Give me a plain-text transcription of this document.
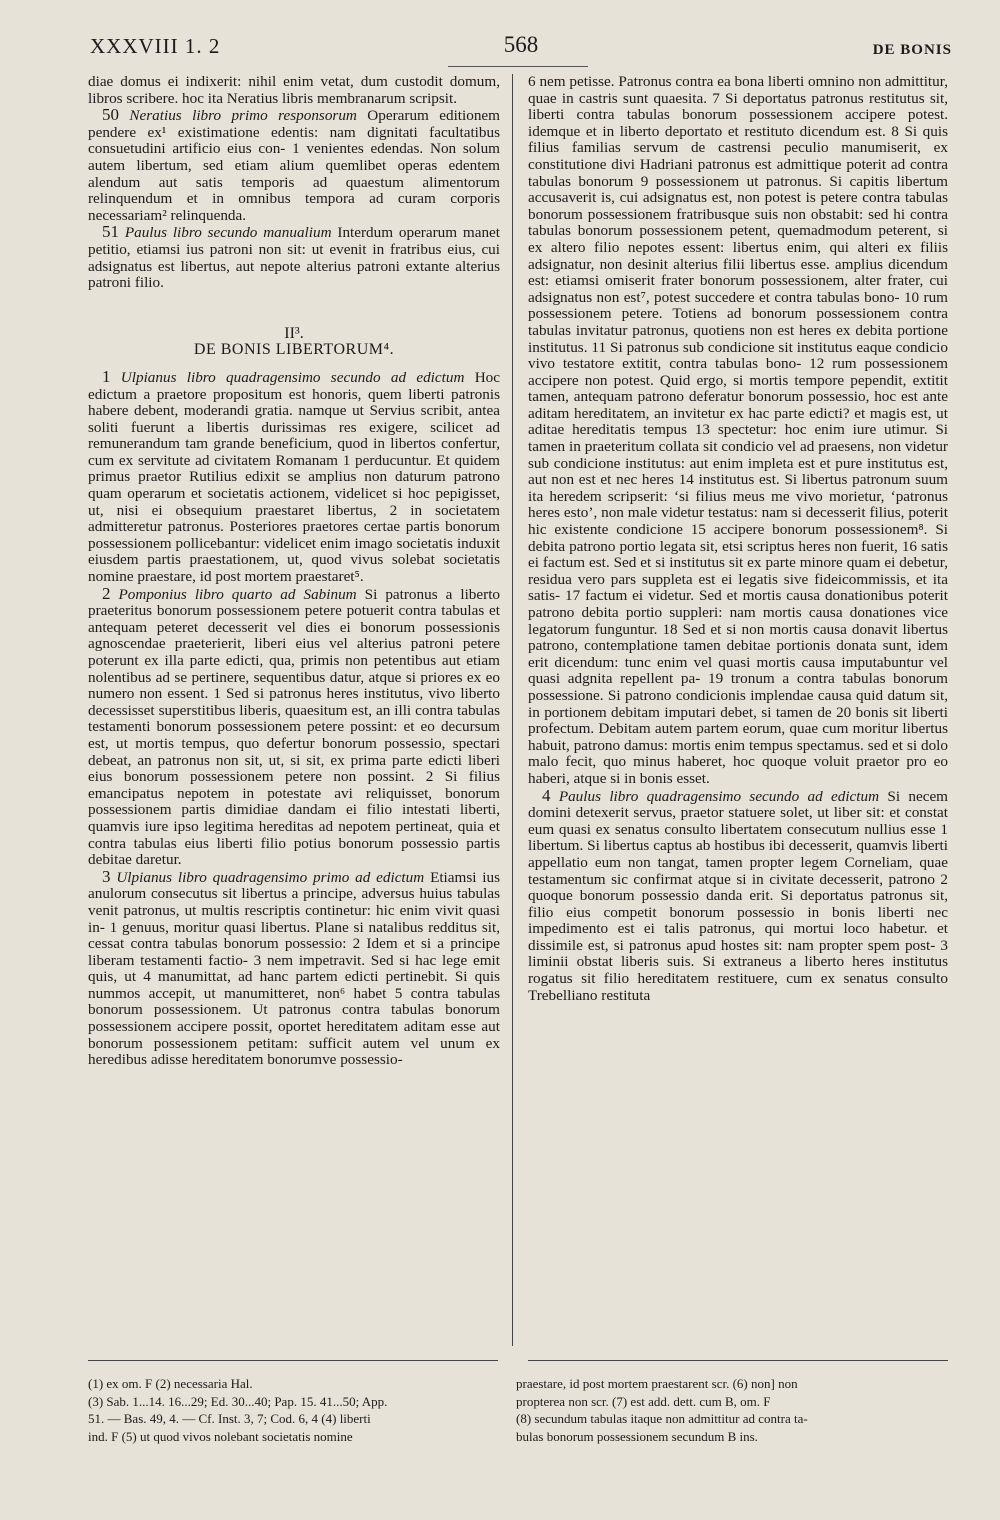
XXXVIII 1. 2	568	DE BONIS

diae domus ei indixerit: nihil enim vetat, dum custodit domum, libros scribere. hoc ita Neratius libris membranarum scripsit.

50 Neratius libro primo responsorum Operarum editionem pendere ex¹ existimatione edentis: nam dignitati facultatibus consuetudini artificio eius con- 1 venientes edendas. Non solum autem libertum, sed etiam alium quemlibet operas edentem alendum aut satis temporis ad quaestum alimentorum relinquendum et in omnibus tempora ad curam corporis necessariam² relinquenda.

51 Paulus libro secundo manualium Interdum operarum manet petitio, etiamsi ius patroni non sit: ut evenit in fratribus eius, cui adsignatus est libertus, aut nepote alterius patroni extante alterius patroni filio.

II³.
DE BONIS LIBERTORUM⁴.

1 Ulpianus libro quadragensimo secundo ad edictum Hoc edictum a praetore propositum est honoris, quem liberti patronis habere debent, moderandi gratia. namque ut Servius scribit, antea soliti fuerunt a libertis durissimas res exigere, scilicet ad remunerandum tam grande beneficium, quod in libertos confertur, cum ex servitute ad civitatem Romanam 1 perducuntur. Et quidem primus praetor Rutilius edixit se amplius non daturum patrono quam operarum et societatis actionem, videlicet si hoc pepigisset, ut, nisi ei obsequium praestaret libertus, 2 in societatem admitteretur patronus. Posteriores praetores certae partis bonorum possessionem pollicebantur: videlicet enim imago societatis induxit eiusdem partis praestationem, ut, quod vivus solebat societatis nomine praestare, id post mortem praestaret⁵.

2 Pomponius libro quarto ad Sabinum Si patronus a liberto praeteritus bonorum possessionem petere potuerit contra tabulas et antequam peteret decesserit vel dies ei bonorum possessionis agnoscendae praeterierit, liberi eius vel alterius patroni petere poterunt ex illa parte edicti, qua, primis non petentibus aut etiam nolentibus ad se pertinere, sequentibus datur, atque si priores ex eo numero non essent. 1 Sed si patronus heres institutus, vivo liberto decessisset superstitibus liberis, quaesitum est, an illi contra tabulas testamenti bonorum possessionem petere possint: et eo decursum est, ut mortis tempus, quo defertur bonorum possessio, spectari debeat, an patronus non sit, ut, si sit, ex prima parte edicti liberi eius bonorum possessionem petere non possint. 2 Si filius emancipatus nepotem in potestate avi reliquisset, bonorum possessionem partis dimidiae dandam ei filio intestati liberti, quamvis iure ipso legitima hereditas ad nepotem pertineat, quia et contra tabulas eius liberti filio potius bonorum possessio partis debitae daretur.

3 Ulpianus libro quadragensimo primo ad edictum Etiamsi ius anulorum consecutus sit libertus a principe, adversus huius tabulas venit patronus, ut multis rescriptis continetur: hic enim vivit quasi in- 1 genuus, moritur quasi libertus. Plane si natalibus redditus sit, cessat contra tabulas bonorum possessio: 2 Idem et si a principe liberam testamenti factio- 3 nem impetravit. Sed si hac lege emit quis, ut 4 manumittat, ad hanc partem edicti pertinebit. Si quis nummos accepit, ut manumitteret, non⁶ habet 5 contra tabulas bonorum possessionem. Ut patronus contra tabulas bonorum possessionem accipere possit, oportet hereditatem aditam esse aut bonorum possessionem petitam: sufficit autem vel unum ex heredibus adisse hereditatem bonorumve possessio-

6 nem petisse. Patronus contra ea bona liberti omnino non admittitur, quae in castris sunt quaesita. 7 Si deportatus patronus restitutus sit, liberti contra tabulas bonorum possessionem accipere potest. idemque et in liberto deportato et restituto dicendum est. 8 Si quis filius familias servum de castrensi peculio manumiserit, ex constitutione divi Hadriani patronus est admittique poterit ad contra tabulas bonorum 9 possessionem ut patronus. Si capitis libertum accusaverit is, cui adsignatus est, non potest is petere contra tabulas bonorum possessionem fratribusque suis non obstabit: sed hi contra tabulas bonorum possessionem petent, quemadmodum peterent, si ex altero filio nepotes essent: libertus enim, qui alteri ex filiis adsignatur, non desinit alterius filii libertus esse. amplius dicendum est: etiamsi omiserit frater bonorum possessionem, alter frater, cui adsignatus non est⁷, potest succedere et contra tabulas bono- 10 rum possessionem petere. Totiens ad bonorum possessionem contra tabulas invitatur patronus, quotiens non est heres ex debita portione institutus. 11 Si patronus sub condicione sit institutus eaque condicio vivo testatore extitit, contra tabulas bono- 12 rum possessionem accipere non potest. Quid ergo, si mortis tempore pependit, extitit tamen, antequam patrono deferatur bonorum possessio, hoc est ante aditam hereditatem, an invitetur ex hac parte edicti? et magis est, ut aditae hereditatis tempus 13 spectetur: hoc enim iure utimur. Si tamen in praeteritum collata sit condicio vel ad praesens, non videtur sub condicione institutus: aut enim impleta est et pure institutus est, aut non est et nec heres 14 institutus est. Si libertus patronum suum ita heredem scripserit: ‘si filius meus me vivo morietur, ‘patronus heres esto’, non male videtur testatus: nam si decesserit filius, poterit hic existente condicione 15 accipere bonorum possessionem⁸. Si debita patrono portio legata sit, etsi scriptus heres non fuerit, 16 satis ei factum est. Sed et si institutus sit ex parte minore quam ei debetur, residua vero pars suppleta est ei legatis sive fideicommissis, et ita satis- 17 factum ei videtur. Sed et mortis causa donationibus poterit patrono debita portio suppleri: nam mortis causa donationes vice legatorum funguntur. 18 Sed et si non mortis causa donavit libertus patrono, contemplatione tamen debitae portionis donata sunt, idem erit dicendum: tunc enim vel quasi mortis causa imputabuntur vel quasi adgnita repellent pa- 19 tronum a contra tabulas bonorum possessione. Si patrono condicionis implendae causa quid datum sit, in portionem debitam imputari debet, si tamen de 20 bonis sit liberti profectum. Debitam autem partem eorum, quae cum moritur libertus habuit, patrono damus: mortis enim tempus spectamus. sed et si dolo malo fecit, quo minus haberet, hoc quoque voluit praetor pro eo haberi, atque si in bonis esset.

4 Paulus libro quadragensimo secundo ad edictum Si necem domini detexerit servus, praetor statuere solet, ut liber sit: et constat eum quasi ex senatus consulto libertatem consecutum nullius esse 1 libertum. Si libertus captus ab hostibus ibi decesserit, quamvis liberti appellatio eum non tangat, tamen propter legem Corneliam, quae testamentum sic confirmat atque si in civitate decesserit, patrono 2 quoque bonorum possessio danda erit. Si deportatus patronus sit, filio eius competit bonorum possessio in bonis liberti nec impedimento est ei talis patronus, qui mortui loco habetur. et dissimile est, si patronus apud hostes sit: nam propter spem post- 3 liminii obstat liberis suis. Si extraneus a liberto heres institutus rogatus sit filio hereditatem restituere, cum ex senatus consulto Trebelliano restituta

(1) ex om. F (2) necessaria Hal.

(3) Sab. 1...14. 16...29; Ed. 30...40; Pap. 15. 41...50; App.

51. — Bas. 49, 4. — Cf. Inst. 3, 7; Cod. 6, 4 (4) liberti

ind. F (5) ut quod vivos nolebant societatis nomine

praestare, id post mortem praestarent scr. (6) non] non

propterea non scr. (7) est add. dett. cum B, om. F

(8) secundum tabulas itaque non admittitur ad contra ta-

bulas bonorum possessionem secundum B ins.
